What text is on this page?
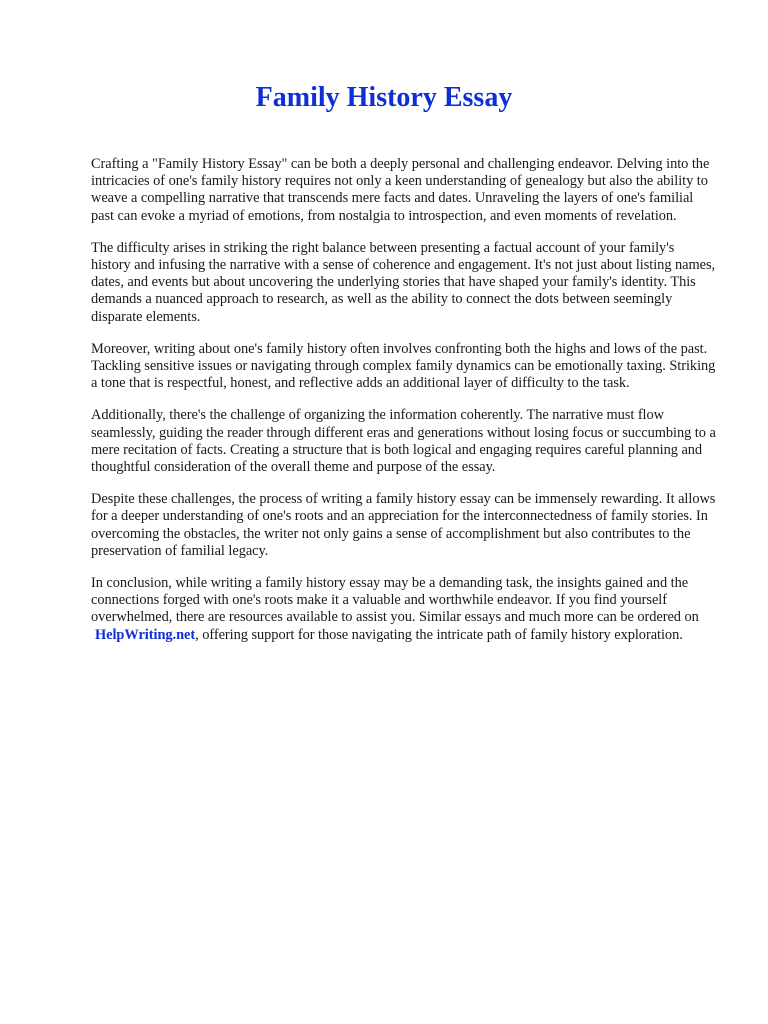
Family History Essay

Crafting a "Family History Essay" can be both a deeply personal and challenging endeavor. Delving into the intricacies of one's family history requires not only a keen understanding of genealogy but also the ability to weave a compelling narrative that transcends mere facts and dates. Unraveling the layers of one's familial past can evoke a myriad of emotions, from nostalgia to introspection, and even moments of revelation.

The difficulty arises in striking the right balance between presenting a factual account of your family's history and infusing the narrative with a sense of coherence and engagement. It's not just about listing names, dates, and events but about uncovering the underlying stories that have shaped your family's identity. This demands a nuanced approach to research, as well as the ability to connect the dots between seemingly disparate elements.

Moreover, writing about one's family history often involves confronting both the highs and lows of the past. Tackling sensitive issues or navigating through complex family dynamics can be emotionally taxing. Striking a tone that is respectful, honest, and reflective adds an additional layer of difficulty to the task.

Additionally, there's the challenge of organizing the information coherently. The narrative must flow seamlessly, guiding the reader through different eras and generations without losing focus or succumbing to a mere recitation of facts. Creating a structure that is both logical and engaging requires careful planning and thoughtful consideration of the overall theme and purpose of the essay.

Despite these challenges, the process of writing a family history essay can be immensely rewarding. It allows for a deeper understanding of one's roots and an appreciation for the interconnectedness of family stories. In overcoming the obstacles, the writer not only gains a sense of accomplishment but also contributes to the preservation of familial legacy.

In conclusion, while writing a family history essay may be a demanding task, the insights gained and the connections forged with one's roots make it a valuable and worthwhile endeavor. If you find yourself overwhelmed, there are resources available to assist you. Similar essays and much more can be ordered on HelpWriting.net, offering support for those navigating the intricate path of family history exploration.
